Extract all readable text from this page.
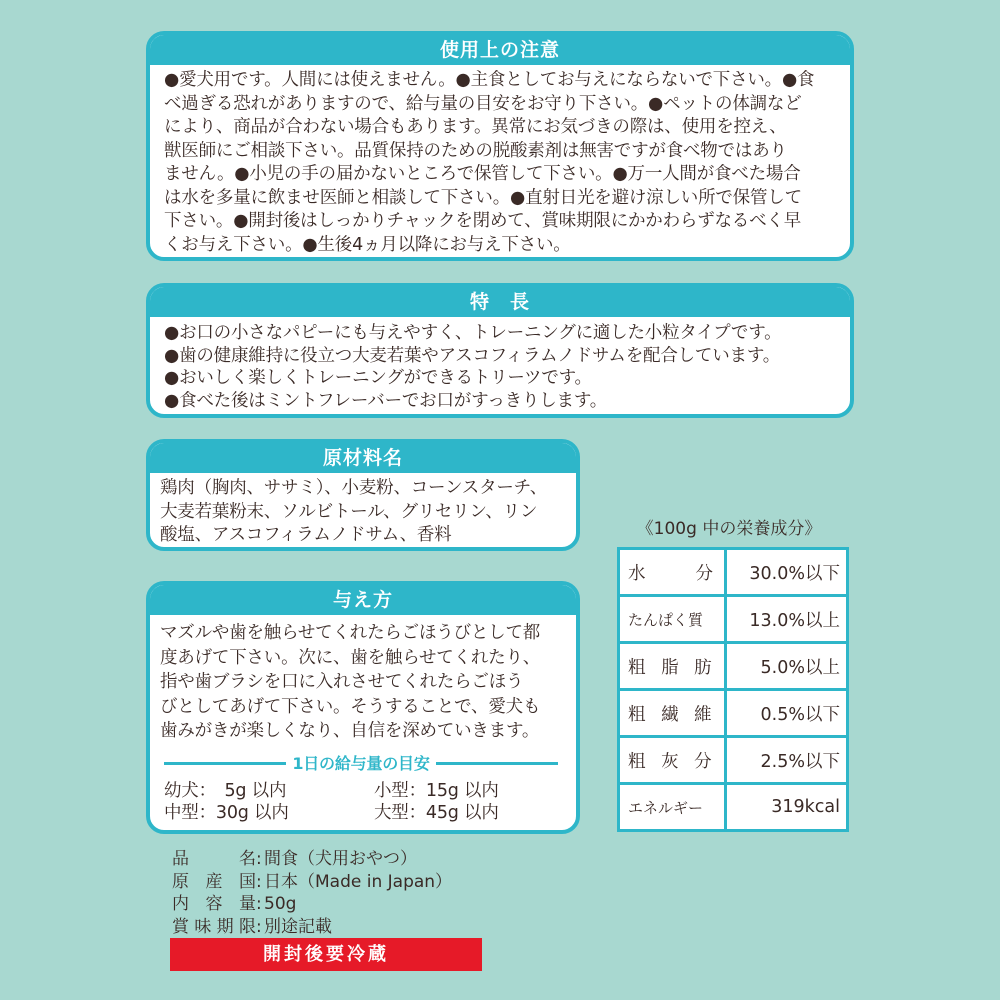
使用上の注意

●愛犬用です。人間には使えません。●主食としてお与えにならないで下さい。●食

べ過ぎる恐れがありますので、給与量の目安をお守り下さい。●ペットの体調など

により、商品が合わない場合もあります。異常にお気づきの際は、使用を控え、

獣医師にご相談下さい。品質保持のための脱酸素剤は無害ですが食べ物ではあり

ません。●小児の手の届かないところで保管して下さい。●万一人間が食べた場合

は水を多量に飲ませ医師と相談して下さい。●直射日光を避け涼しい所で保管して

下さい。●開封後はしっかりチャックを閉めて、賞味期限にかかわらずなるべく早

くお与え下さい。●生後4ヵ月以降にお与え下さい。

特　長

●お口の小さなパピーにも与えやすく、トレーニングに適した小粒タイプです。

●歯の健康維持に役立つ大麦若葉やアスコフィラムノドサムを配合しています。

●おいしく楽しくトレーニングができるトリーツです。

●食べた後はミントフレーバーでお口がすっきりします。

原材料名

鶏肉（胸肉、ササミ）、小麦粉、コーンスターチ、

大麦若葉粉末、ソルビトール、グリセリン、リン

酸塩、アスコフィラムノドサム、香料

与え方

マズルや歯を触らせてくれたらごほうびとして都

度あげて下さい。次に、歯を触らせてくれたり、

指や歯ブラシを口に入れさせてくれたらごほう

びとしてあげて下さい。そうすることで、愛犬も

歯みがきが楽しくなり、自信を深めていきます。

1日の給与量の目安
幼犬：　5g 以内	小型：15g 以内
中型：30g 以内	大型：45g 以内
《100g 中の栄養成分》
水　　分	30.0%以下
たんぱく質	13.0%以上
粗 脂 肪	5.0%以上
粗 繊 維	0.5%以下
粗 灰 分	2.5%以下
エネルギー	319kcal
品名 : 間食（犬用おやつ）
原産国 : 日本（Made in Japan）
内容量 : 50g
賞味期限 : 別途記載
開封後要冷蔵
